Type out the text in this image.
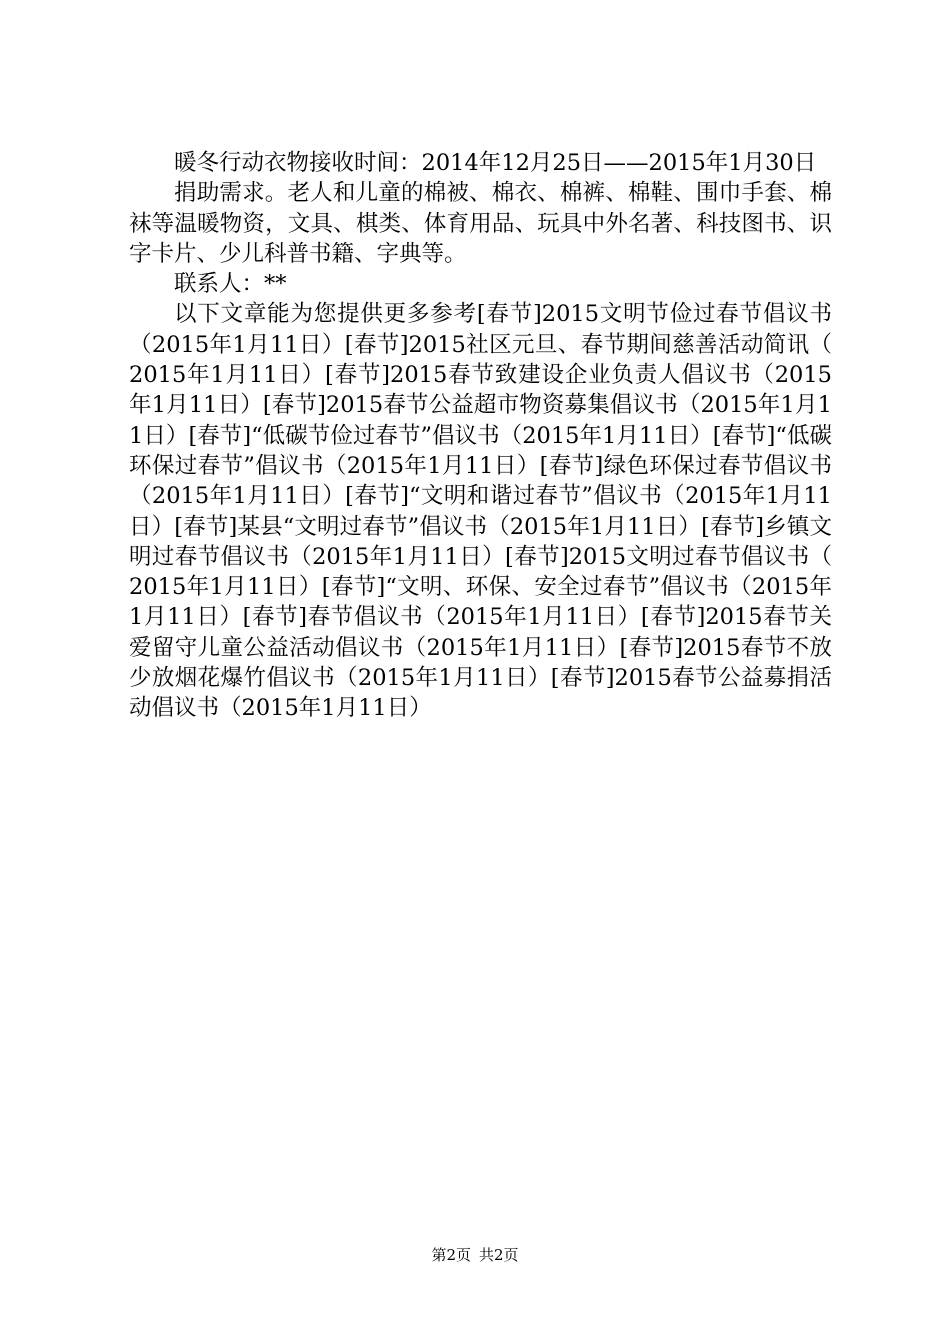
暖冬行动衣物接收时间：2014年12月25日——2015年1月30日

捐助需求。老人和儿童的棉被、棉衣、棉裤、棉鞋、围巾手套、棉袜等温暖物资，文具、棋类、体育用品、玩具中外名著、科技图书、识字卡片、少儿科普书籍、字典等。

联系人：**

以下文章能为您提供更多参考[春节]2015文明节俭过春节倡议书（2015年1月11日）[春节]2015社区元旦、春节期间慈善活动简讯（2015年1月11日）[春节]2015春节致建设企业负责人倡议书（2015年1月11日）[春节]2015春节公益超市物资募集倡议书（2015年1月11日）[春节]“低碳节俭过春节”倡议书（2015年1月11日）[春节]“低碳环保过春节”倡议书（2015年1月11日）[春节]绿色环保过春节倡议书（2015年1月11日）[春节]“文明和谐过春节”倡议书（2015年1月11日）[春节]某县“文明过春节”倡议书（2015年1月11日）[春节]乡镇文明过春节倡议书（2015年1月11日）[春节]2015文明过春节倡议书（2015年1月11日）[春节]“文明、环保、安全过春节”倡议书（2015年1月11日）[春节]春节倡议书（2015年1月11日）[春节]2015春节关爱留守儿童公益活动倡议书（2015年1月11日）[春节]2015春节不放少放烟花爆竹倡议书（2015年1月11日）[春节]2015春节公益募捐活动倡议书（2015年1月11日）

第2页 共2页
